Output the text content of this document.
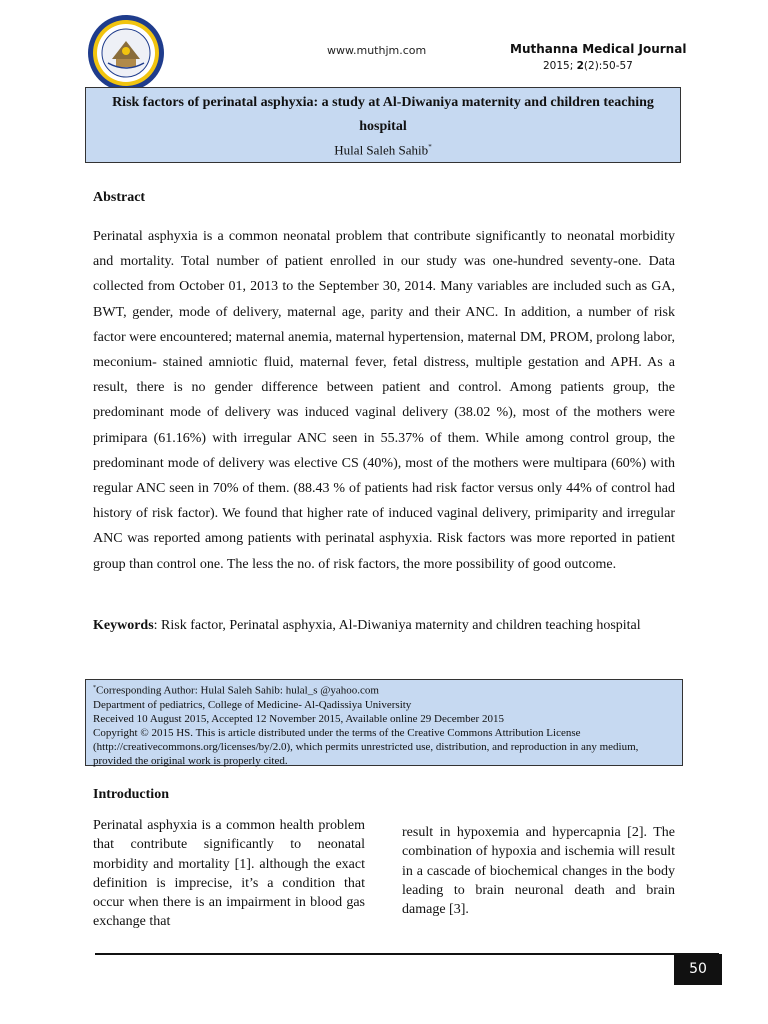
www.muthjm.com	Muthanna Medical Journal
2015; 2(2):50-57
Risk factors of perinatal asphyxia: a study at Al-Diwaniya maternity and children teaching hospital
Hulal Saleh Sahib*
Abstract
Perinatal asphyxia is a common neonatal problem that contribute significantly to neonatal morbidity and mortality. Total number of patient enrolled in our study was one-hundred seventy-one. Data collected from October 01, 2013 to the September 30, 2014. Many variables are included such as GA, BWT, gender, mode of delivery, maternal age, parity and their ANC. In addition, a number of risk factor were encountered; maternal anemia, maternal hypertension, maternal DM, PROM, prolong labor, meconium- stained amniotic fluid, maternal fever, fetal distress, multiple gestation and APH. As a result, there is no gender difference between patient and control. Among patients group, the predominant mode of delivery was induced vaginal delivery (38.02 %), most of the mothers were primipara (61.16%) with irregular ANC seen in 55.37% of them. While among control group, the predominant mode of delivery was elective CS (40%), most of the mothers were multipara (60%) with regular ANC seen in 70% of them. (88.43 % of patients had risk factor versus only 44% of control had history of risk factor). We found that higher rate of induced vaginal delivery, primiparity and irregular ANC was reported among patients with perinatal asphyxia. Risk factors was more reported in patient group than control one. The less the no. of risk factors, the more possibility of good outcome.
Keywords: Risk factor, Perinatal asphyxia, Al-Diwaniya maternity and children teaching hospital
*Corresponding Author: Hulal Saleh Sahib: hulal_s @yahoo.com
Department of pediatrics, College of Medicine- Al-Qadissiya University
Received 10 August 2015, Accepted 12 November 2015, Available online 29 December 2015
Copyright © 2015 HS. This is article distributed under the terms of the Creative Commons Attribution License (http://creativecommons.org/licenses/by/2.0), which permits unrestricted use, distribution, and reproduction in any medium, provided the original work is properly cited.
Introduction

Perinatal asphyxia is a common health problem that contribute significantly to neonatal morbidity and mortality [1]. although the exact definition is imprecise, it’s a condition that occur when there is an impairment in blood gas exchange that

result in hypoxemia and hypercapnia [2]. The combination of hypoxia and ischemia will result in a cascade of biochemical changes in the body leading to brain neuronal death and brain damage [3].

50
